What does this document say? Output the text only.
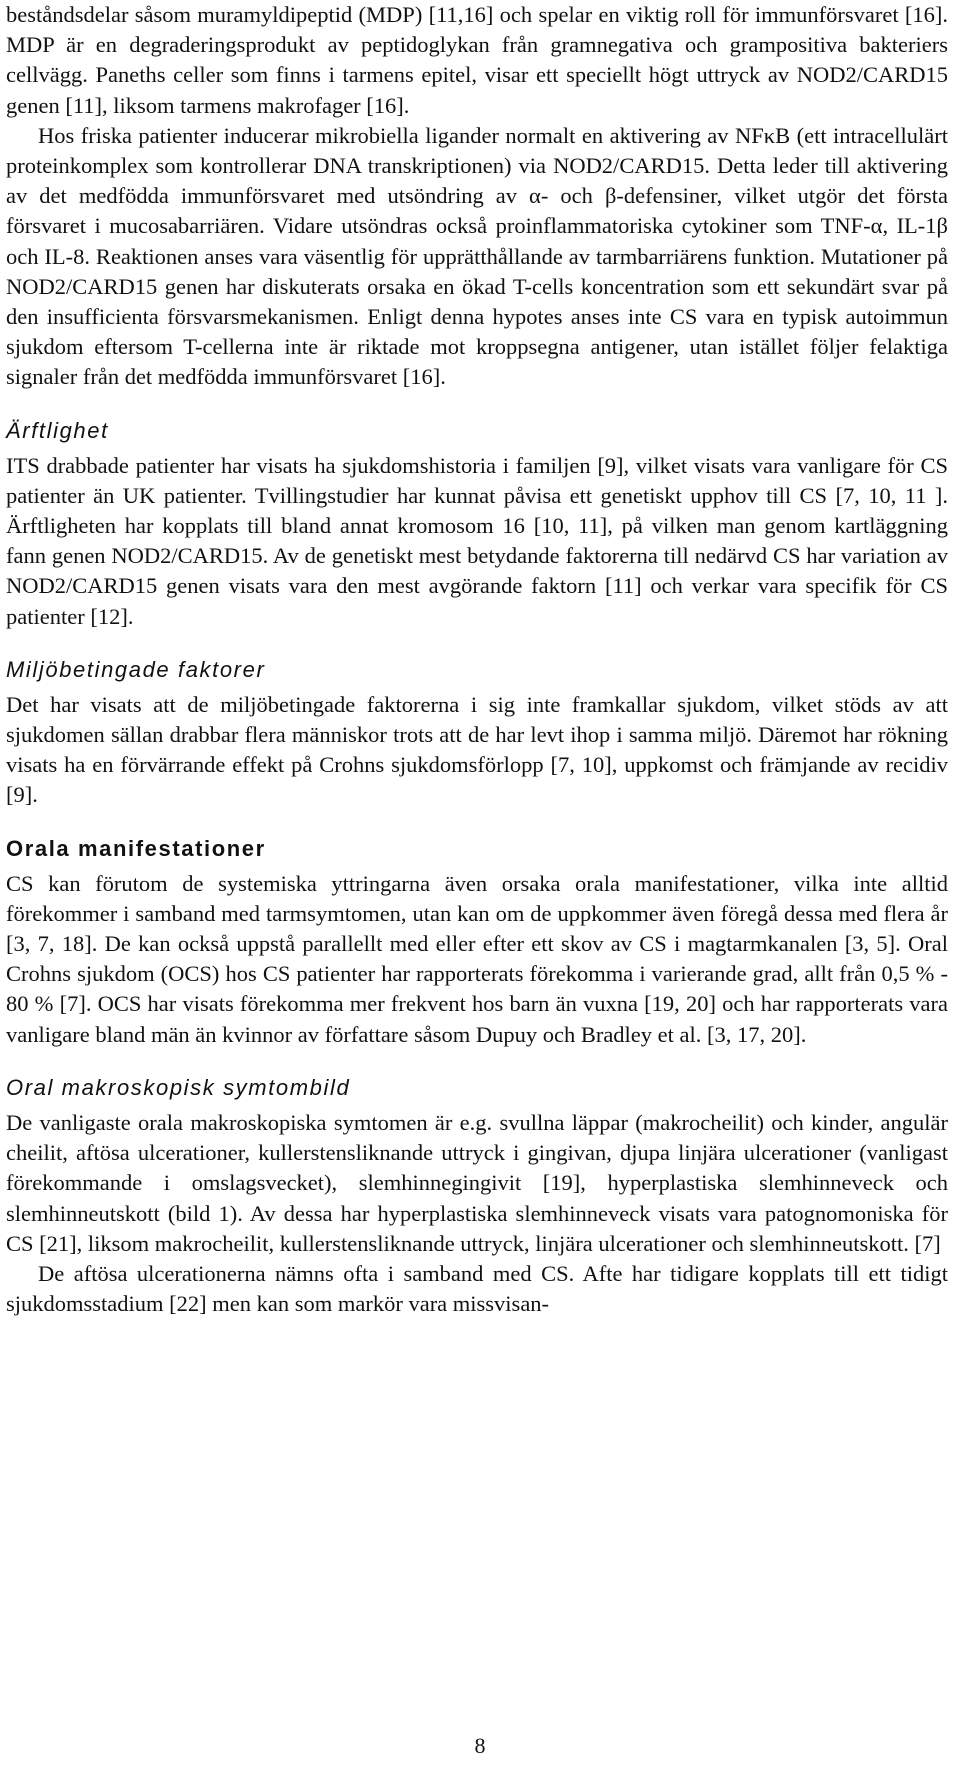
beståndsdelar såsom muramyldipeptid (MDP) [11,16] och spelar en viktig roll för immunförsvaret [16]. MDP är en degraderingsprodukt av peptidoglykan från gramnegativa och grampositiva bakteriers cellvägg. Paneths celler som finns i tarmens epitel, visar ett speciellt högt uttryck av NOD2/CARD15 genen [11], liksom tarmens makrofager [16].

Hos friska patienter inducerar mikrobiella ligander normalt en aktivering av NFκB (ett intracellulärt proteinkomplex som kontrollerar DNA transkriptionen) via NOD2/CARD15. Detta leder till aktivering av det medfödda immunförsvaret med utsöndring av α- och β-defensiner, vilket utgör det första försvaret i mucosabarriären. Vidare utsöndras också proinflammatoriska cytokiner som TNF-α, IL-1β och IL-8. Reaktionen anses vara väsentlig för upprätthållande av tarmbarriärens funktion. Mutationer på NOD2/CARD15 genen har diskuterats orsaka en ökad T-cells koncentration som ett sekundärt svar på den insufficienta försvarsmekanismen. Enligt denna hypotes anses inte CS vara en typisk autoimmun sjukdom eftersom T-cellerna inte är riktade mot kroppsegna antigener, utan istället följer felaktiga signaler från det medfödda immunförsvaret [16].

Ärftlighet

ITS drabbade patienter har visats ha sjukdomshistoria i familjen [9], vilket visats vara vanligare för CS patienter än UK patienter. Tvillingstudier har kunnat påvisa ett genetiskt upphov till CS [7, 10, 11 ]. Ärftligheten har kopplats till bland annat kromosom 16 [10, 11], på vilken man genom kartläggning fann genen NOD2/CARD15. Av de genetiskt mest betydande faktorerna till nedärvd CS har variation av NOD2/CARD15 genen visats vara den mest avgörande faktorn [11] och verkar vara specifik för CS patienter [12].

Miljöbetingade faktorer

Det har visats att de miljöbetingade faktorerna i sig inte framkallar sjukdom, vilket stöds av att sjukdomen sällan drabbar flera människor trots att de har levt ihop i samma miljö. Däremot har rökning visats ha en förvärrande effekt på Crohns sjukdomsförlopp [7, 10], uppkomst och främjande av recidiv [9].

Orala manifestationer

CS kan förutom de systemiska yttringarna även orsaka orala manifestationer, vilka inte alltid förekommer i samband med tarmsymtomen, utan kan om de uppkommer även föregå dessa med flera år [3, 7, 18]. De kan också uppstå parallellt med eller efter ett skov av CS i magtarmkanalen [3, 5]. Oral Crohns sjukdom (OCS) hos CS patienter har rapporterats förekomma i varierande grad, allt från 0,5 % - 80 % [7]. OCS har visats förekomma mer frekvent hos barn än vuxna [19, 20] och har rapporterats vara vanligare bland män än kvinnor av författare såsom Dupuy och Bradley et al. [3, 17, 20].

Oral makroskopisk symtombild

De vanligaste orala makroskopiska symtomen är e.g. svullna läppar (makrocheilit) och kinder, angulär cheilit, aftösa ulcerationer, kullerstensliknande uttryck i gingivan, djupa linjära ulcerationer (vanligast förekommande i omslagsvecket), slemhinnegingivit [19], hyperplastiska slemhinneveck och slemhinneutskott (bild 1). Av dessa har hyperplastiska slemhinneveck visats vara patognomoniska för CS [21], liksom makrocheilit, kullerstensliknande uttryck, linjära ulcerationer och slemhinneutskott. [7]

De aftösa ulcerationerna nämns ofta i samband med CS. Afte har tidigare kopplats till ett tidigt sjukdomsstadium [22] men kan som markör vara missvisan-

8
